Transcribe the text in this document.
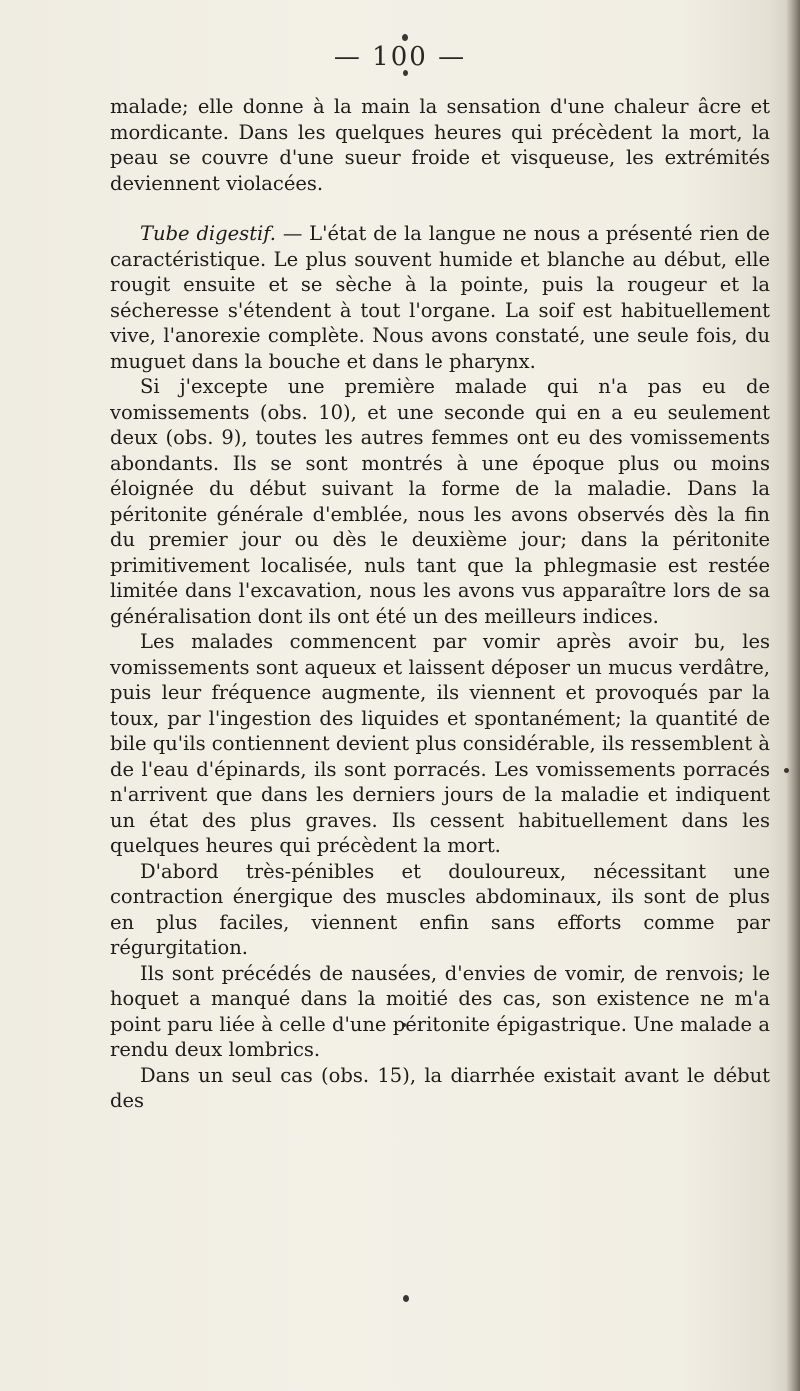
— 100 —

malade; elle donne à la main la sensation d'une chaleur âcre et mordicante. Dans les quelques heures qui précèdent la mort, la peau se couvre d'une sueur froide et visqueuse, les extrémités deviennent violacées.

Tube digestif. — L'état de la langue ne nous a présenté rien de caractéristique. Le plus souvent humide et blanche au début, elle rougit ensuite et se sèche à la pointe, puis la rougeur et la sécheresse s'étendent à tout l'organe. La soif est habituellement vive, l'anorexie complète. Nous avons constaté, une seule fois, du muguet dans la bouche et dans le pharynx.

Si j'excepte une première malade qui n'a pas eu de vomissements (obs. 10), et une seconde qui en a eu seulement deux (obs. 9), toutes les autres femmes ont eu des vomissements abondants. Ils se sont montrés à une époque plus ou moins éloignée du début suivant la forme de la maladie. Dans la péritonite générale d'emblée, nous les avons observés dès la fin du premier jour ou dès le deuxième jour; dans la péritonite primitivement localisée, nuls tant que la phlegmasie est restée limitée dans l'excavation, nous les avons vus apparaître lors de sa généralisation dont ils ont été un des meilleurs indices.

Les malades commencent par vomir après avoir bu, les vomissements sont aqueux et laissent déposer un mucus verdâtre, puis leur fréquence augmente, ils viennent et provoqués par la toux, par l'ingestion des liquides et spontanément; la quantité de bile qu'ils contiennent devient plus considérable, ils ressemblent à de l'eau d'épinards, ils sont porracés. Les vomissements porracés n'arrivent que dans les derniers jours de la maladie et indiquent un état des plus graves. Ils cessent habituellement dans les quelques heures qui précèdent la mort.

D'abord très-pénibles et douloureux, nécessitant une contraction énergique des muscles abdominaux, ils sont de plus en plus faciles, viennent enfin sans efforts comme par régurgitation.

Ils sont précédés de nausées, d'envies de vomir, de renvois; le hoquet a manqué dans la moitié des cas, son existence ne m'a point paru liée à celle d'une péritonite épigastrique. Une malade a rendu deux lombrics.

Dans un seul cas (obs. 15), la diarrhée existait avant le début des
